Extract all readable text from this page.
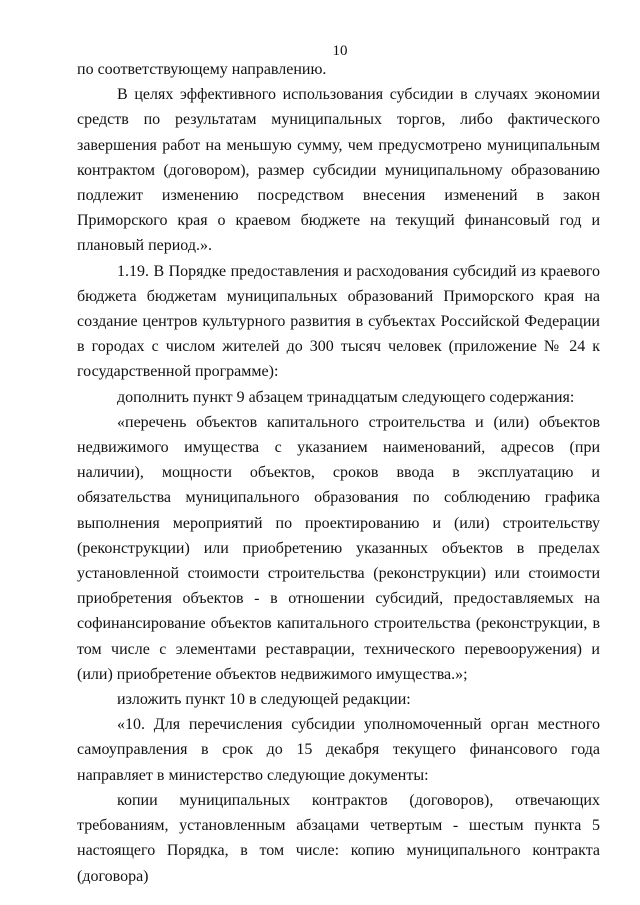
10

по соответствующему направлению.

В целях эффективного использования субсидии в случаях экономии средств по результатам муниципальных торгов, либо фактического завершения работ на меньшую сумму, чем предусмотрено муниципальным контрактом (договором), размер субсидии муниципальному образованию подлежит изменению посредством внесения изменений в закон Приморского края о краевом бюджете на текущий финансовый год и плановый период.».

1.19. В Порядке предоставления и расходования субсидий из краевого бюджета бюджетам муниципальных образований Приморского края на создание центров культурного развития в субъектах Российской Федерации в городах с числом жителей до 300 тысяч человек (приложение № 24 к государственной программе):

дополнить пункт 9 абзацем тринадцатым следующего содержания:

«перечень объектов капитального строительства и (или) объектов недвижимого имущества с указанием наименований, адресов (при наличии), мощности объектов, сроков ввода в эксплуатацию и обязательства муниципального образования по соблюдению графика выполнения мероприятий по проектированию и (или) строительству (реконструкции) или приобретению указанных объектов в пределах установленной стоимости строительства (реконструкции) или стоимости приобретения объектов - в отношении субсидий, предоставляемых на софинансирование объектов капитального строительства (реконструкции, в том числе с элементами реставрации, технического перевооружения) и (или) приобретение объектов недвижимого имущества.»;

изложить пункт 10 в следующей редакции:

«10. Для перечисления субсидии уполномоченный орган местного самоуправления в срок до 15 декабря текущего финансового года направляет в министерство следующие документы:

копии муниципальных контрактов (договоров), отвечающих требованиям, установленным абзацами четвертым - шестым пункта 5 настоящего Порядка, в том числе: копию муниципального контракта (договора)
